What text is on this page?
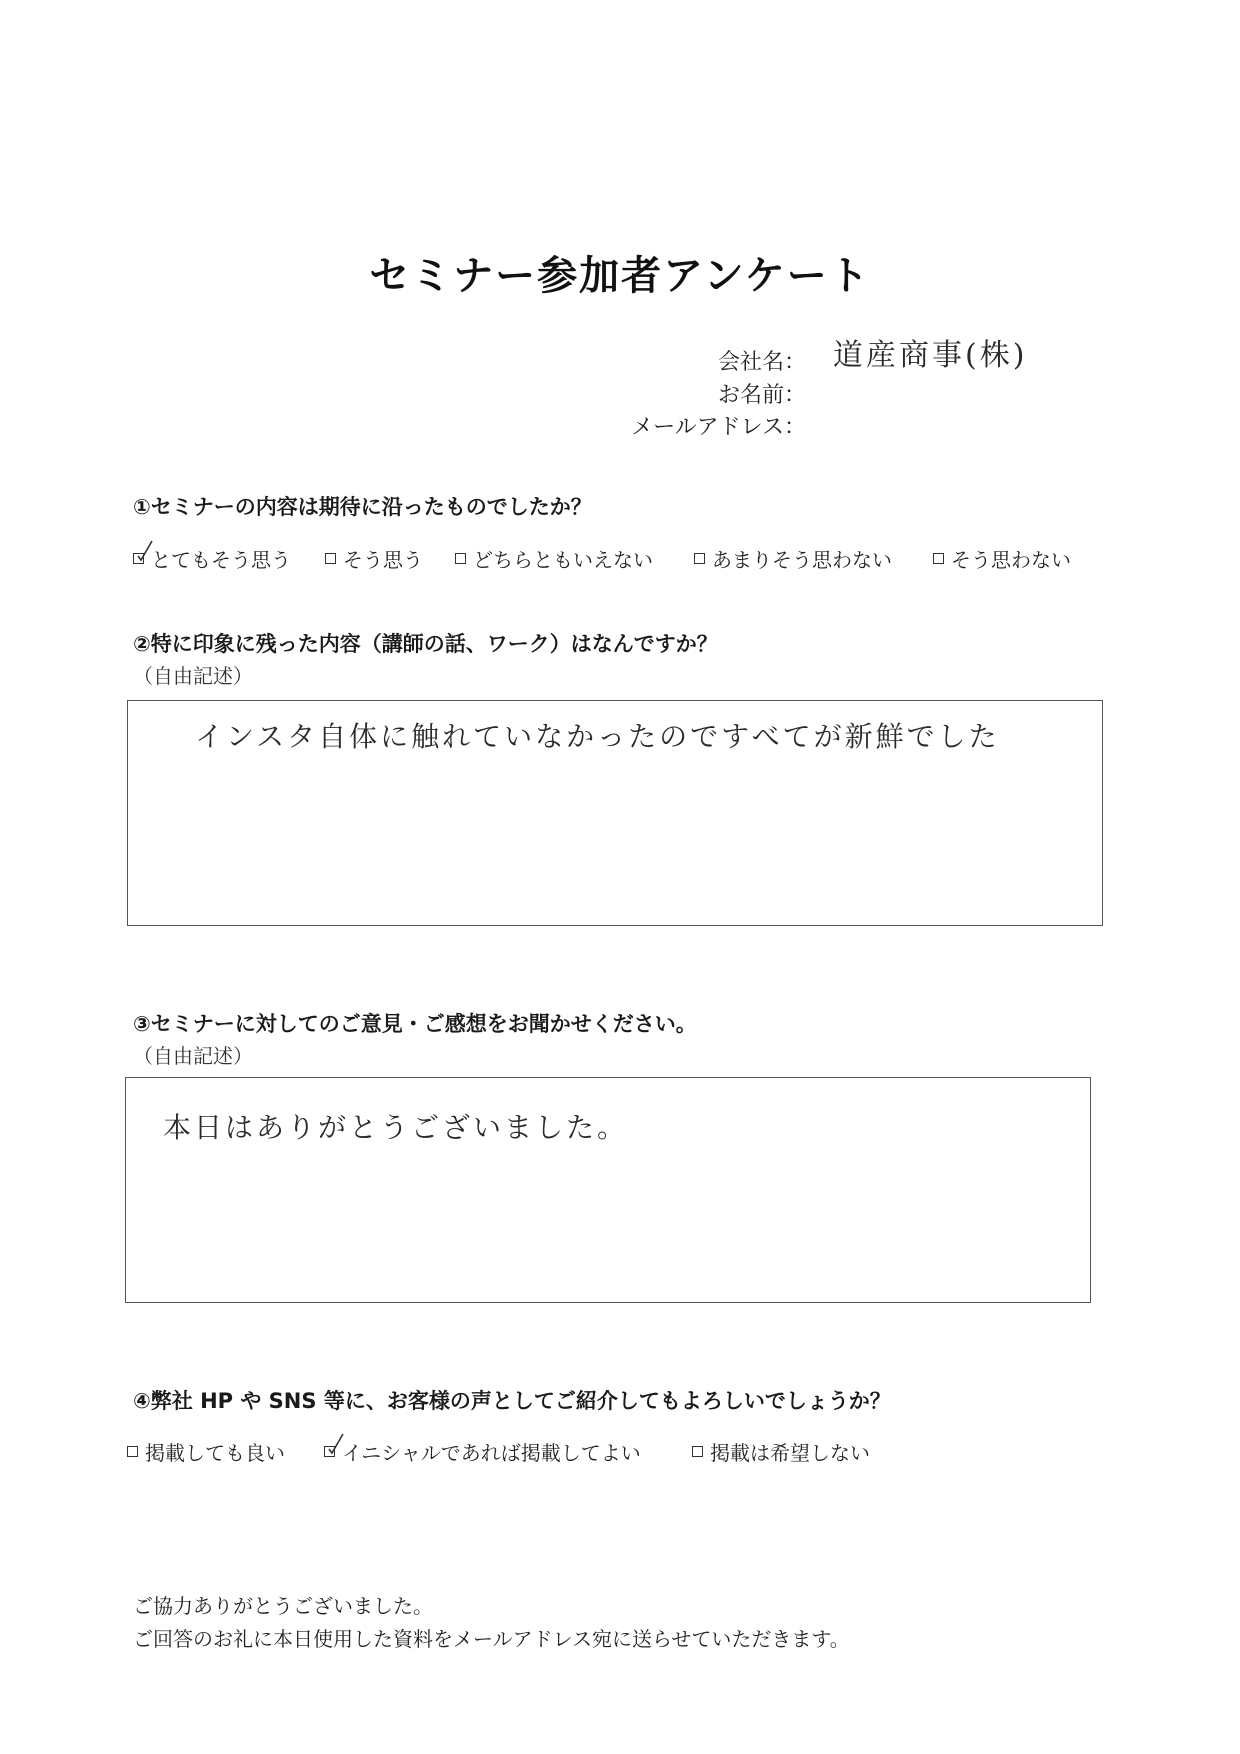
セミナー参加者アンケート
会社名： 道産商事(株)
お名前：
メールアドレス：
①セミナーの内容は期待に沿ったものでしたか？
とてもそう思う	そう思う	どちらともいえない	あまりそう思わない	そう思わない
②特に印象に残った内容（講師の話、ワーク）はなんですか？
（自由記述）
インスタ自体に触れていなかったのですべてが新鮮でした
③セミナーに対してのご意見・ご感想をお聞かせください。
（自由記述）
本日はありがとうございました。
④弊社 HP や SNS 等に、お客様の声としてご紹介してもよろしいでしょうか？
掲載しても良い	イニシャルであれば掲載してよい	掲載は希望しない
ご協力ありがとうございました。
ご回答のお礼に本日使用した資料をメールアドレス宛に送らせていただきます。
